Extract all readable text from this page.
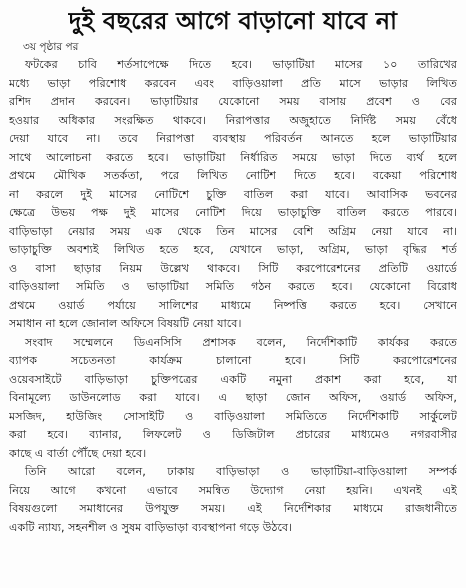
দুই বছরের আগে বাড়ানো যাবে না
৩য় পৃষ্ঠার পর

ফটকের চাবি শর্তসাপেক্ষে দিতে হবে। ভাড়াটিয়া মাসের ১০ তারিখের
মধ্যে ভাড়া পরিশোধ করবেন এবং বাড়িওয়ালা প্রতি মাসে ভাড়ার লিখিত
রশিদ প্রদান করবেন। ভাড়াটিয়ার যেকোনো সময় বাসায় প্রবেশ ও বের
হওয়ার অধিকার সংরক্ষিত থাকবে। নিরাপত্তার অজুহাতে নির্দিষ্ট সময় বেঁধে
দেয়া যাবে না। তবে নিরাপত্তা ব্যবস্থায় পরিবর্তন আনতে হলে ভাড়াটিয়ার
সাথে আলোচনা করতে হবে। ভাড়াটিয়া নির্ধারিত সময়ে ভাড়া দিতে ব্যর্থ হলে
প্রথমে মৌখিক সতর্কতা, পরে লিখিত নোটিশ দিতে হবে। বকেয়া পরিশোধ
না করলে দুই মাসের নোটিশে চুক্তি বাতিল করা যাবে। আবাসিক ভবনের
ক্ষেত্রে উভয় পক্ষ দুই মাসের নোটিশ দিয়ে ভাড়াচুক্তি বাতিল করতে পারবে।
বাড়িভাড়া নেয়ার সময় এক থেকে তিন মাসের বেশি অগ্রিম নেয়া যাবে না।
ভাড়াচুক্তি অবশ্যই লিখিত হতে হবে, যেখানে ভাড়া, অগ্রিম, ভাড়া বৃদ্ধির শর্ত
ও বাসা ছাড়ার নিয়ম উল্লেখ থাকবে। সিটি করপোরেশনের প্রতিটি ওয়ার্ডে
বাড়িওয়ালা সমিতি ও ভাড়াটিয়া সমিতি গঠন করতে হবে। যেকোনো বিরোধ
প্রথমে ওয়ার্ড পর্যায়ে সালিশের মাধ্যমে নিষ্পত্তি করতে হবে। সেখানে
সমাধান না হলে জোনাল অফিসে বিষয়টি নেয়া যাবে।

সংবাদ সম্মেলনে ডিএনসিসি প্রশাসক বলেন, নির্দেশিকাটি কার্যকর করতে
ব্যাপক সচেতনতা কার্যক্রম চালানো হবে। সিটি করপোরেশনের
ওয়েবসাইটে বাড়িভাড়া চুক্তিপত্রের একটি নমুনা প্রকাশ করা হবে, যা
বিনামূল্যে ডাউনলোড করা যাবে। এ ছাড়া জোন অফিস, ওয়ার্ড অফিস,
মসজিদ, হাউজিং সোসাইটি ও বাড়িওয়ালা সমিতিতে নির্দেশিকাটি সার্কুলেট
করা হবে। ব্যানার, লিফলেট ও ডিজিটাল প্রচারের মাধ্যমেও নগরবাসীর
কাছে এ বার্তা পৌঁছে দেয়া হবে।

তিনি আরো বলেন, ঢাকায় বাড়িভাড়া ও ভাড়াটিয়া-বাড়িওয়ালা সম্পর্ক
নিয়ে আগে কখনো এভাবে সমন্বিত উদ্যোগ নেয়া হয়নি। এখনই এই
বিষয়গুলো সমাধানের উপযুক্ত সময়। এই নির্দেশিকার মাধ্যমে রাজধানীতে
একটি ন্যায্য, সহনশীল ও সুষম বাড়িভাড়া ব্যবস্থাপনা গড়ে উঠবে।
